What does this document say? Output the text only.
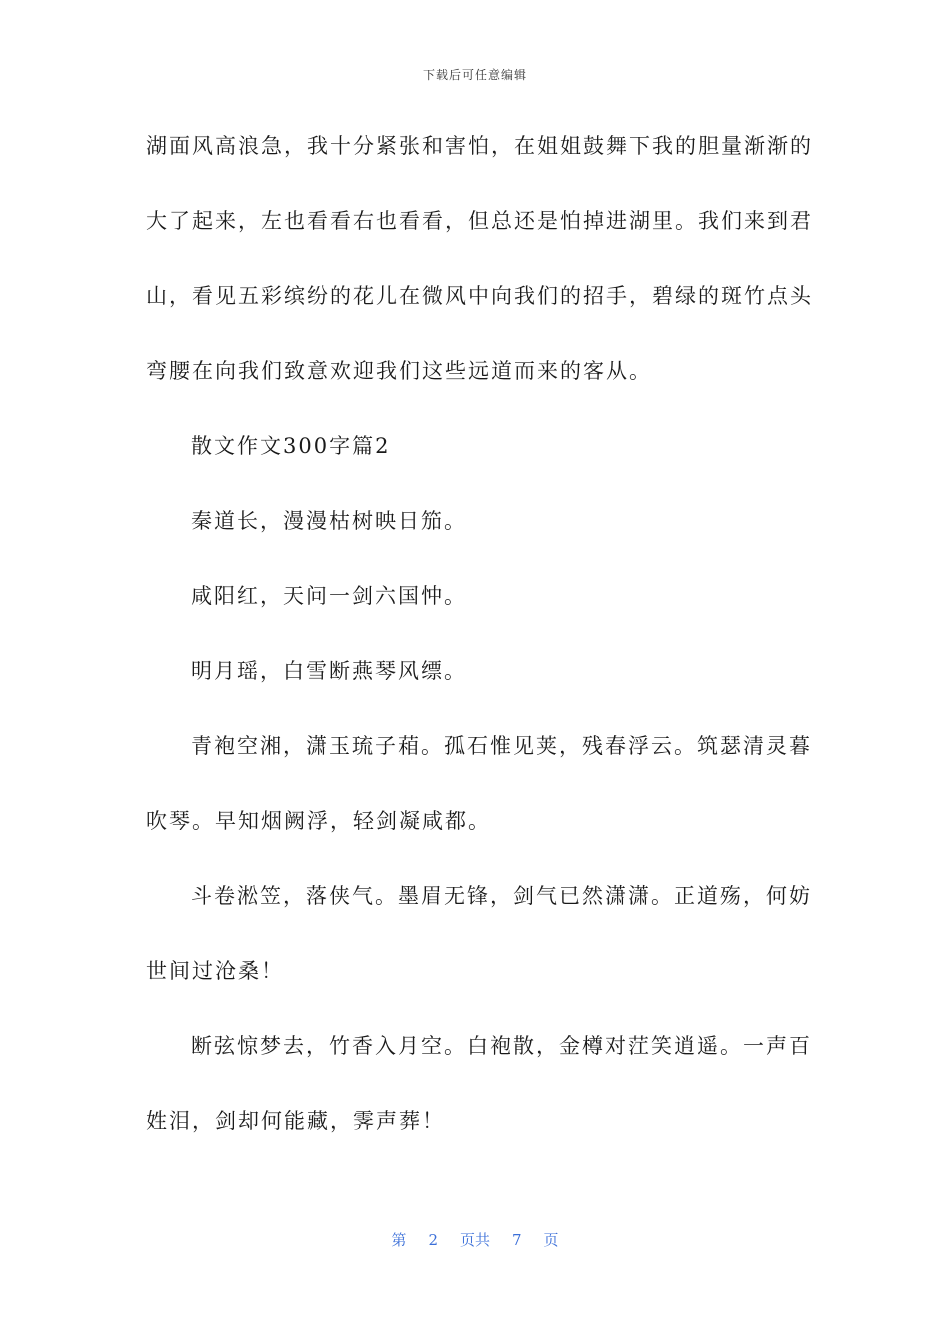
下载后可任意编辑
湖面风高浪急，我十分紧张和害怕，在姐姐鼓舞下我的胆量渐渐的
大了起来，左也看看右也看看，但总还是怕掉进湖里。我们来到君
山，看见五彩缤纷的花儿在微风中向我们的招手，碧绿的斑竹点头
弯腰在向我们致意欢迎我们这些远道而来的客从。
散文作文300字篇2
秦道长，漫漫枯树映日笳。
咸阳红，天问一剑六国忡。
明月瑶，白雪断燕琴风缥。
青袍空湘，潇玉琉子葙。孤石惟见荚，残春浮云。筑瑟清灵暮
吹琴。早知烟阙浮，轻剑凝咸都。
斗卷淞笠，落侠气。墨眉无锋，剑气已然潇潇。正道殇，何妨
世间过沧桑！
断弦惊梦去，竹香入月空。白袍散，金樽对茳笑逍遥。一声百
姓泪，剑却何能藏，霁声葬！
第 2 页共 7 页
